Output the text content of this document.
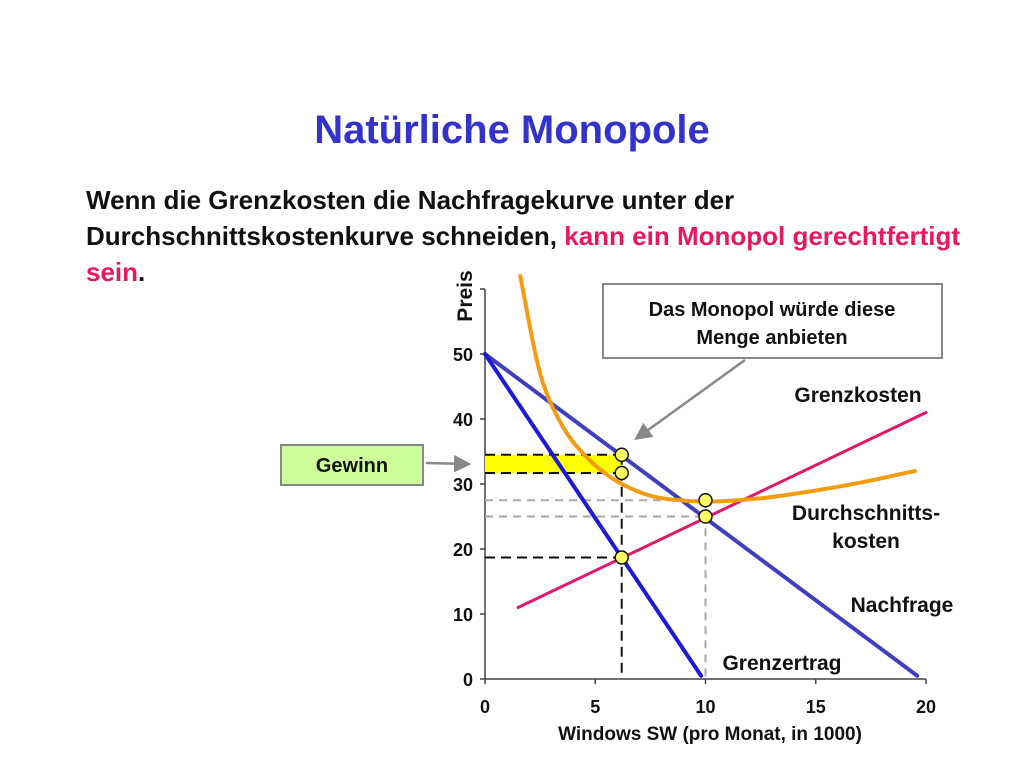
Natürliche Monopole
Wenn die Grenzkosten die Nachfragekurve unter der Durchschnittskostenkurve schneiden, kann ein Monopol gerechtfertigt sein.
0	5	10	15	20
0
10
20
30
40
50
Windows SW (pro Monat, in 1000)
Preis
Grenzkosten
Durchschnitts-kosten
Nachfrage
Grenzertrag
Das Monopol würde diese Menge anbieten
Gewinn
